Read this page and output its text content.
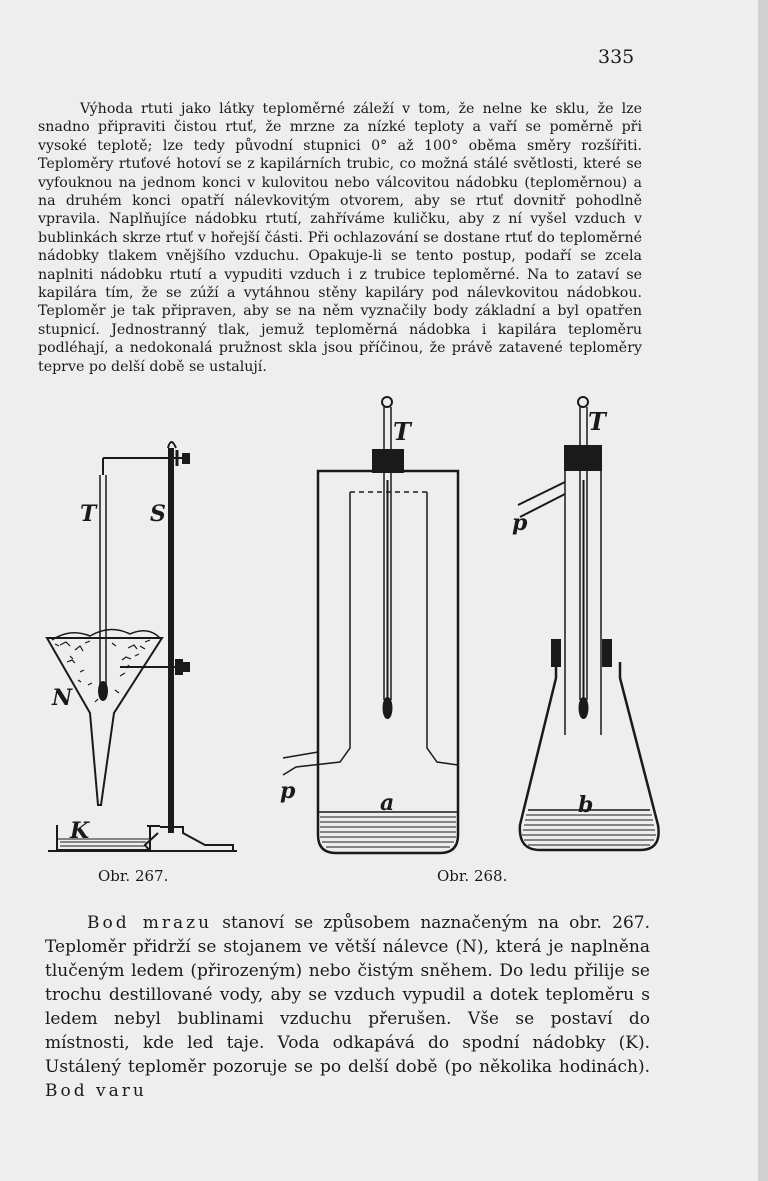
335
Výhoda rtuti jako látky teploměrné záleží v tom, že nelne ke sklu, že lze snadno připraviti čistou rtuť, že mrzne za nízké teploty a vaří se poměrně při vysoké teplotě; lze tedy původní stupnici 0° až 100° oběma směry rozšířiti. Teploměry rtuťové hotoví se z kapilárních trubic, co možná stálé světlosti, které se vyfouknou na jednom konci v kulovitou nebo válcovitou nádobku (teploměrnou) a na druhém konci opatří nálevkovitým otvorem, aby se rtuť dovnitř pohodlně vpravila. Naplňujíce nádobku rtutí, zahříváme kuličku, aby z ní vyšel vzduch v bublinkách skrze rtuť v hořejší části. Při ochlazování se dostane rtuť do teploměrné nádobky tlakem vnějšího vzduchu. Opakuje-li se tento postup, podaří se zcela naplniti nádobku rtutí a vypuditi vzduch i z trubice teploměrné. Na to zataví se kapilára tím, že se zúží a vytáhnou stěny kapiláry pod nálevkovitou nádobkou. Teploměr je tak připraven, aby se na něm vyznačily body základní a byl opatřen stupnicí. Jednostranný tlak, jemuž teploměrná nádobka i kapilára teploměru podléhají, a nedokonalá pružnost skla jsou příčinou, že právě zatavené teploměry teprve po delší době se ustalují.
T S
N
K
T
p	a
T
p
b
Obr. 267.	Obr. 268.
Bod mrazu stanoví se způsobem naznačeným na obr. 267. Teploměr přidrží se stojanem ve větší nálevce (N), která je naplněna tlučeným ledem (přirozeným) nebo čistým sněhem. Do ledu přilije se trochu destillované vody, aby se vzduch vypudil a dotek teploměru s ledem nebyl bublinami vzduchu přerušen. Vše se postaví do místnosti, kde led taje. Voda odkapává do spodní nádobky (K). Ustálený teploměr pozoruje se po delší době (po několika hodinách). Bod varu
